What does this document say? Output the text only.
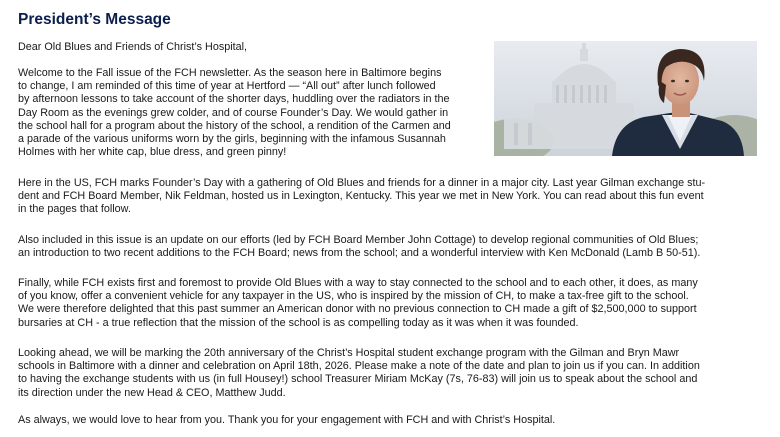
President’s Message

Dear Old Blues and Friends of Christ’s Hospital,

Welcome to the Fall issue of the FCH newsletter. As the season here in Baltimore begins
to change, I am reminded of this time of year at Hertford — “All out” after lunch followed
by afternoon lessons to take account of the shorter days, huddling over the radiators in the
Day Room as the evenings grew colder, and of course Founder’s Day. We would gather in
the school hall for a program about the history of the school, a rendition of the Carmen and
a parade of the various uniforms worn by the girls, beginning with the infamous Susannah
Holmes with her white cap, blue dress, and green pinny!

Here in the US, FCH marks Founder’s Day with a gathering of Old Blues and friends for a dinner in a major city. Last year Gilman exchange stu-
dent and FCH Board Member, Nik Feldman, hosted us in Lexington, Kentucky. This year we met in New York. You can read about this fun event
in the pages that follow.

Also included in this issue is an update on our efforts (led by FCH Board Member John Cottage) to develop regional communities of Old Blues;
an introduction to two recent additions to the FCH Board; news from the school; and a wonderful interview with Ken McDonald (Lamb B 50-51).

Finally, while FCH exists first and foremost to provide Old Blues with a way to stay connected to the school and to each other, it does, as many
of you know, offer a convenient vehicle for any taxpayer in the US, who is inspired by the mission of CH, to make a tax-free gift to the school.
We were therefore delighted that this past summer an American donor with no previous connection to CH made a gift of $2,500,000 to support
bursaries at CH - a true reflection that the mission of the school is as compelling today as it was when it was founded.

Looking ahead, we will be marking the 20th anniversary of the Christ’s Hospital student exchange program with the Gilman and Bryn Mawr
schools in Baltimore with a dinner and celebration on April 18th, 2026. Please make a note of the date and plan to join us if you can. In addition
to having the exchange students with us (in full Housey!) school Treasurer Miriam McKay (7s, 76-83) will join us to speak about the school and
its direction under the new Head & CEO, Matthew Judd.

As always, we would love to hear from you. Thank you for your engagement with FCH and with Christ’s Hospital.
